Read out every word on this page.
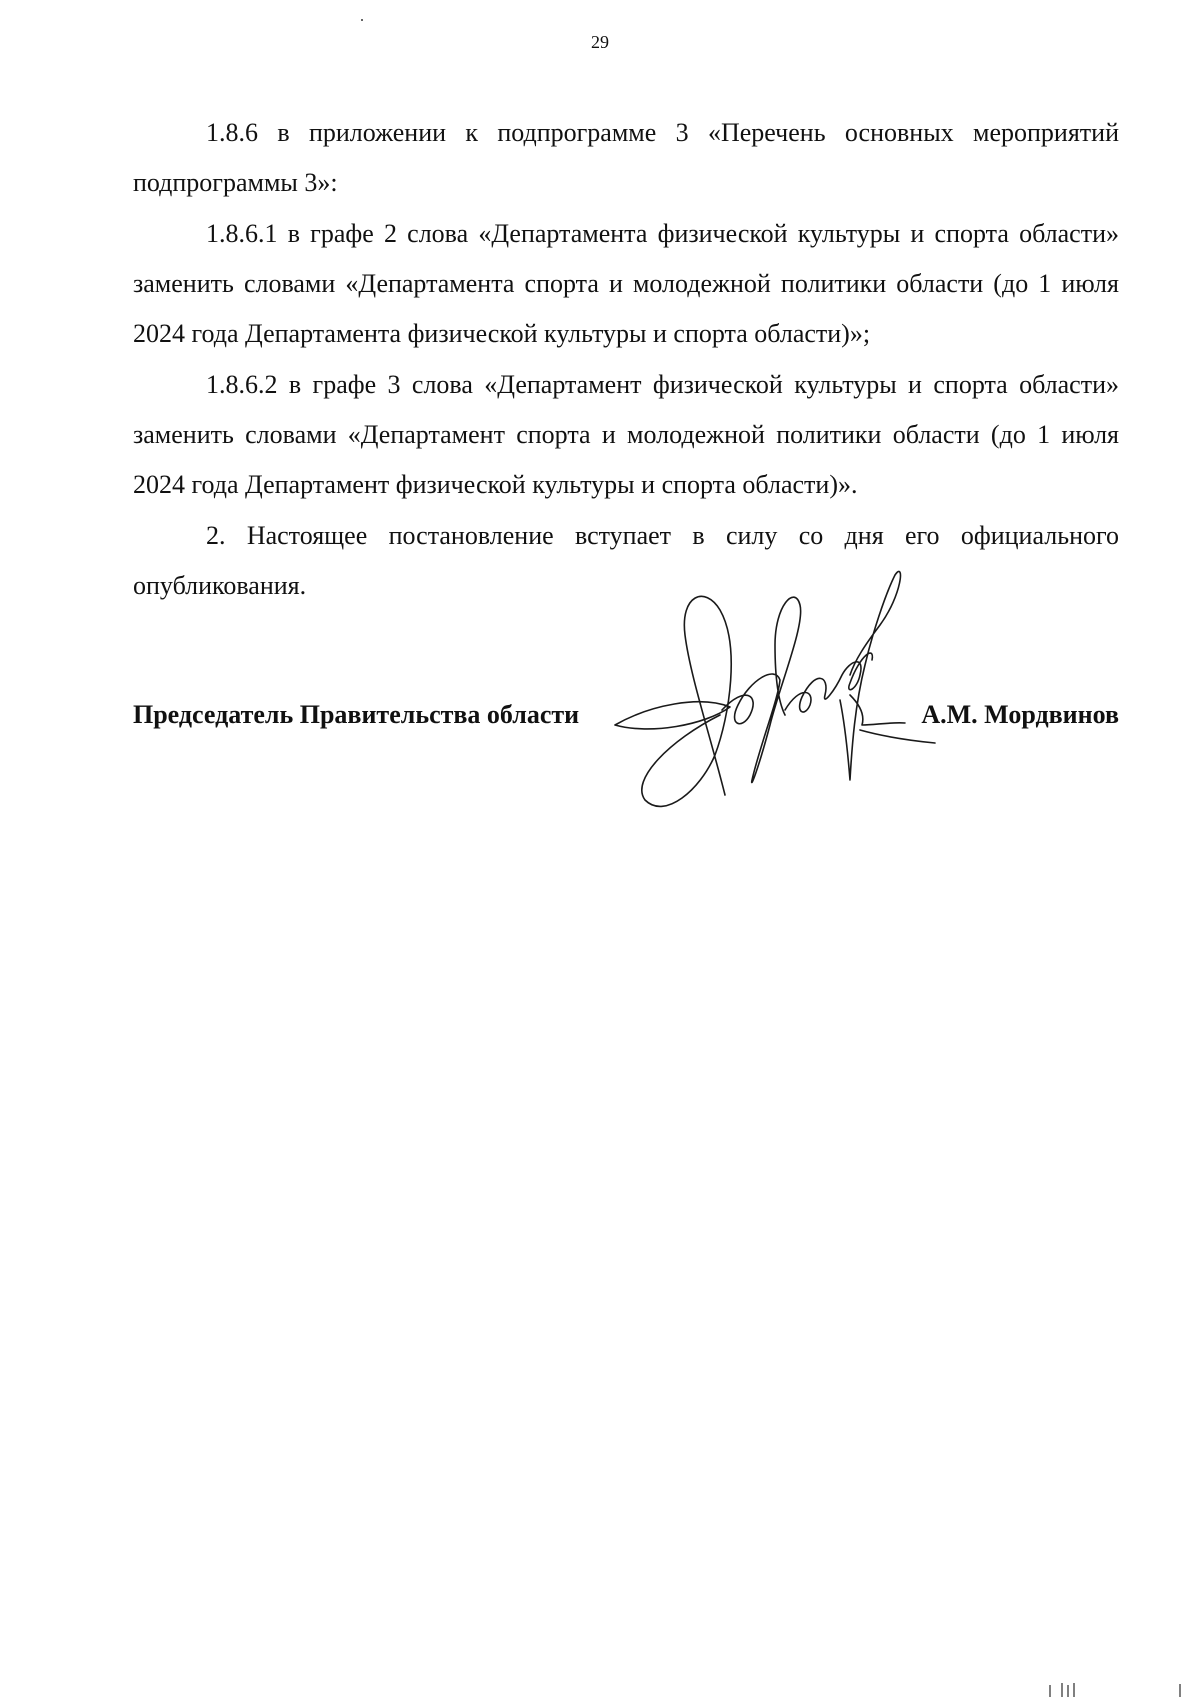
29

1.8.6 в приложении к подпрограмме 3 «Перечень основных мероприятий подпрограммы 3»:

1.8.6.1 в графе 2 слова «Департамента физической культуры и спорта области» заменить словами «Департамента спорта и молодежной политики области (до 1 июля 2024 года Департамента физической культуры и спорта области)»;

1.8.6.2 в графе 3 слова «Департамент физической культуры и спорта области» заменить словами «Департамент спорта и молодежной политики области (до 1 июля 2024 года Департамент физической культуры и спорта области)».

2. Настоящее постановление вступает в силу со дня его официального опубликования.

Председатель Правительства области	А.М. Мордвинов
